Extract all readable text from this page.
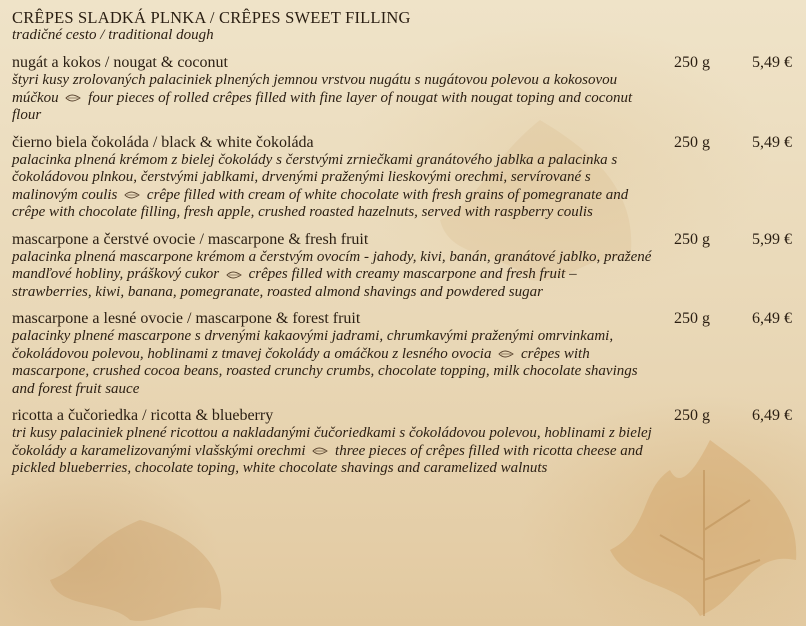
CRÊPES SLADKÁ PLNKA / CRÊPES SWEET FILLING
tradičné cesto / traditional dough
nugát a kokos / nougat & coconut	250 g	5,49 €
štyri kusy zrolovaných palaciniek plnených jemnou vrstvou nugátu s nugátovou polevou a kokosovou múčkou four pieces of rolled crêpes filled with fine layer of nougat with nougat toping and coconut flour
čierno biela čokoláda / black & white čokoláda	250 g	5,49 €
palacinka plnená krémom z bielej čokolády s čerstvými zrniečkami granátového jablka a palacinka s čokoládovou plnkou, čerstvými jablkami, drvenými praženými lieskovými orechmi, servírované s malinovým coulis crêpe filled with cream of white chocolate with fresh grains of pomegranate and crêpe with chocolate filling, fresh apple, crushed roasted hazelnuts, served with raspberry coulis
mascarpone a čerstvé ovocie / mascarpone & fresh fruit	250 g	5,99 €
palacinka plnená mascarpone krémom a čerstvým ovocím - jahody, kivi, banán, granátové jablko, pražené mandľové hobliny, práškový cukor crêpes filled with creamy mascarpone and fresh fruit – strawberries, kiwi, banana, pomegranate, roasted almond shavings and powdered sugar
mascarpone a lesné ovocie / mascarpone & forest fruit	250 g	6,49 €
palacinky plnené mascarpone s drvenými kakaovými jadrami, chrumkavými praženými omrvinkami, čokoládovou polevou, hoblinami z tmavej čokolády a omáčkou z lesného ovocia crêpes with mascarpone, crushed cocoa beans, roasted crunchy crumbs, chocolate topping, milk chocolate shavings and forest fruit sauce
ricotta a čučoriedka / ricotta & blueberry	250 g	6,49 €
tri kusy palaciniek plnené ricottou a nakladanými čučoriedkami s čokoládovou polevou, hoblinami z bielej čokolády a karamelizovanými vlašskými orechmi three pieces of crêpes filled with ricotta cheese and pickled blueberries, chocolate toping, white chocolate shavings and caramelized walnuts
